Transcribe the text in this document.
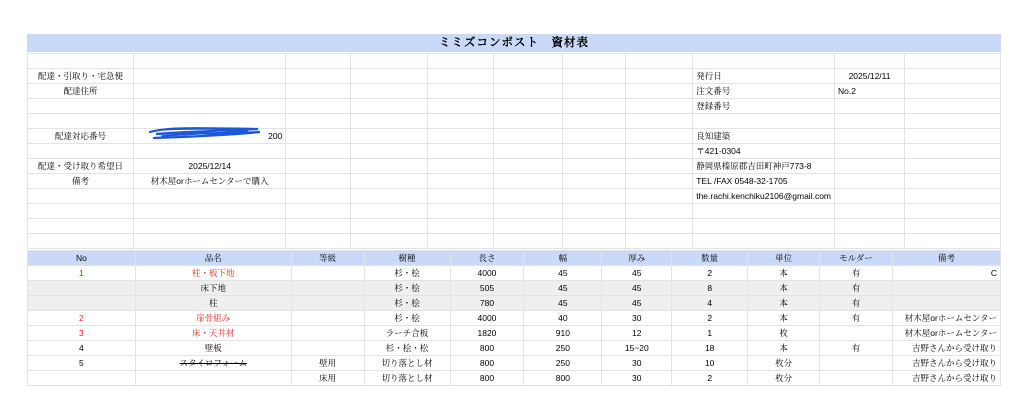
ミミズコンポスト　資材表

配達・引取り・宅急便								発行日	2025/12/11	
配達住所								注文番号	No.2	
								登録番号		

配達対応番号	200							良知建築		
								〒421-0304		
配達・受け取り希望日	2025/12/14							静岡県榛原郡吉田町神戸773-8		
備考	材木屋orホームセンターで購入							TEL /FAX 0548-32-1705		
								the.rachi.kenchiku2106@gmail.com		

No	品名	等級	樹種	長さ	幅	厚み	数量	単位	モルダー	備考
1	柱・板下地		杉・桧	4000	45	45	2	本	有	C
	床下地		杉・桧	505	45	45	8	本	有	
	柱		杉・桧	780	45	45	4	本	有	
2	扉骨組み		杉・桧	4000	40	30	2	本	有	材木屋orホームセンター
3	床・天井材		ラーチ合板	1820	910	12	1	枚		材木屋orホームセンター
4	壁板		杉・桧・松	800	250	15~20	18	本	有	吉野さんから受け取り
5	スタイロフォーム	壁用	切り落とし材	800	250	30	10	枚分		吉野さんから受け取り
		床用	切り落とし材	800	800	30	2	枚分		吉野さんから受け取り
